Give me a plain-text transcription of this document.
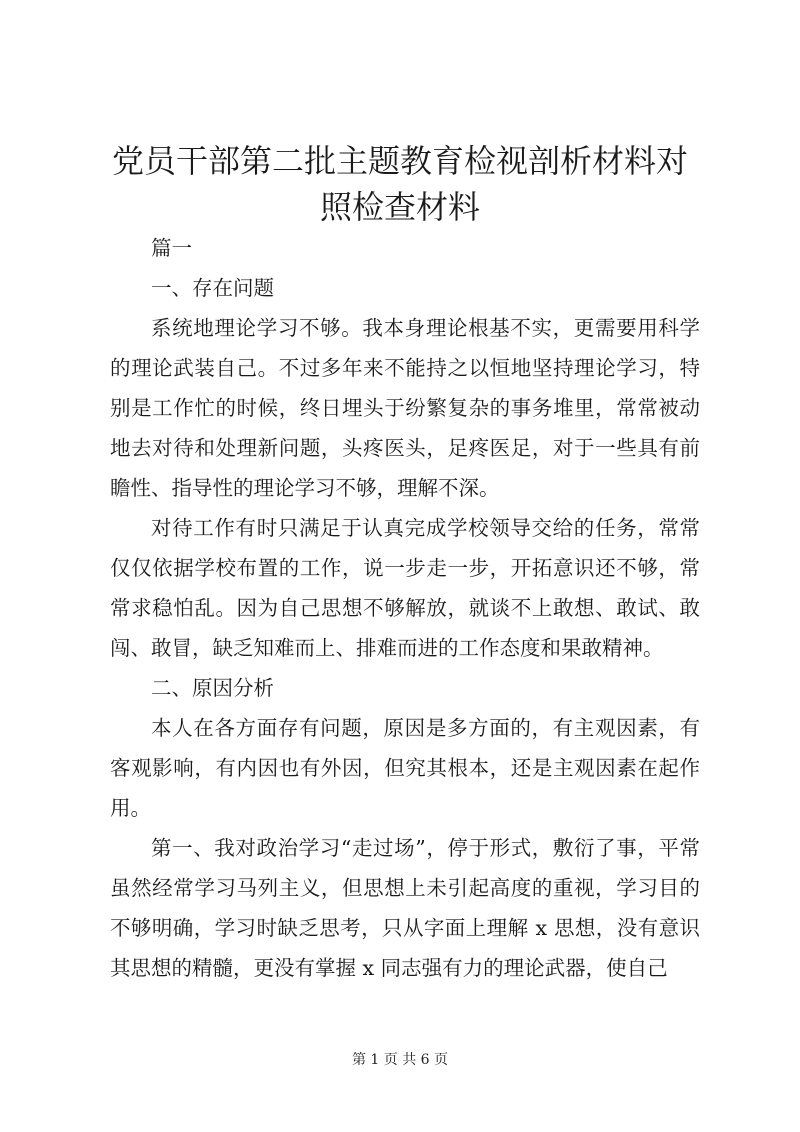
党员干部第二批主题教育检视剖析材料对照检查材料

篇一

一、存在问题

系统地理论学习不够。我本身理论根基不实，更需要用科学的理论武装自己。不过多年来不能持之以恒地坚持理论学习，特别是工作忙的时候，终日埋头于纷繁复杂的事务堆里，常常被动地去对待和处理新问题，头疼医头，足疼医足，对于一些具有前瞻性、指导性的理论学习不够，理解不深。

对待工作有时只满足于认真完成学校领导交给的任务，常常仅仅依据学校布置的工作，说一步走一步，开拓意识还不够，常常求稳怕乱。因为自己思想不够解放，就谈不上敢想、敢试、敢闯、敢冒，缺乏知难而上、排难而进的工作态度和果敢精神。

二、原因分析

本人在各方面存有问题，原因是多方面的，有主观因素，有客观影响，有内因也有外因，但究其根本，还是主观因素在起作用。

第一、我对政治学习“走过场”，停于形式，敷衍了事，平常虽然经常学习马列主义，但思想上未引起高度的重视，学习目的不够明确，学习时缺乏思考，只从字面上理解 x 思想，没有意识其思想的精髓，更没有掌握 x 同志强有力的理论武器，使自己

第 1 页 共 6 页
